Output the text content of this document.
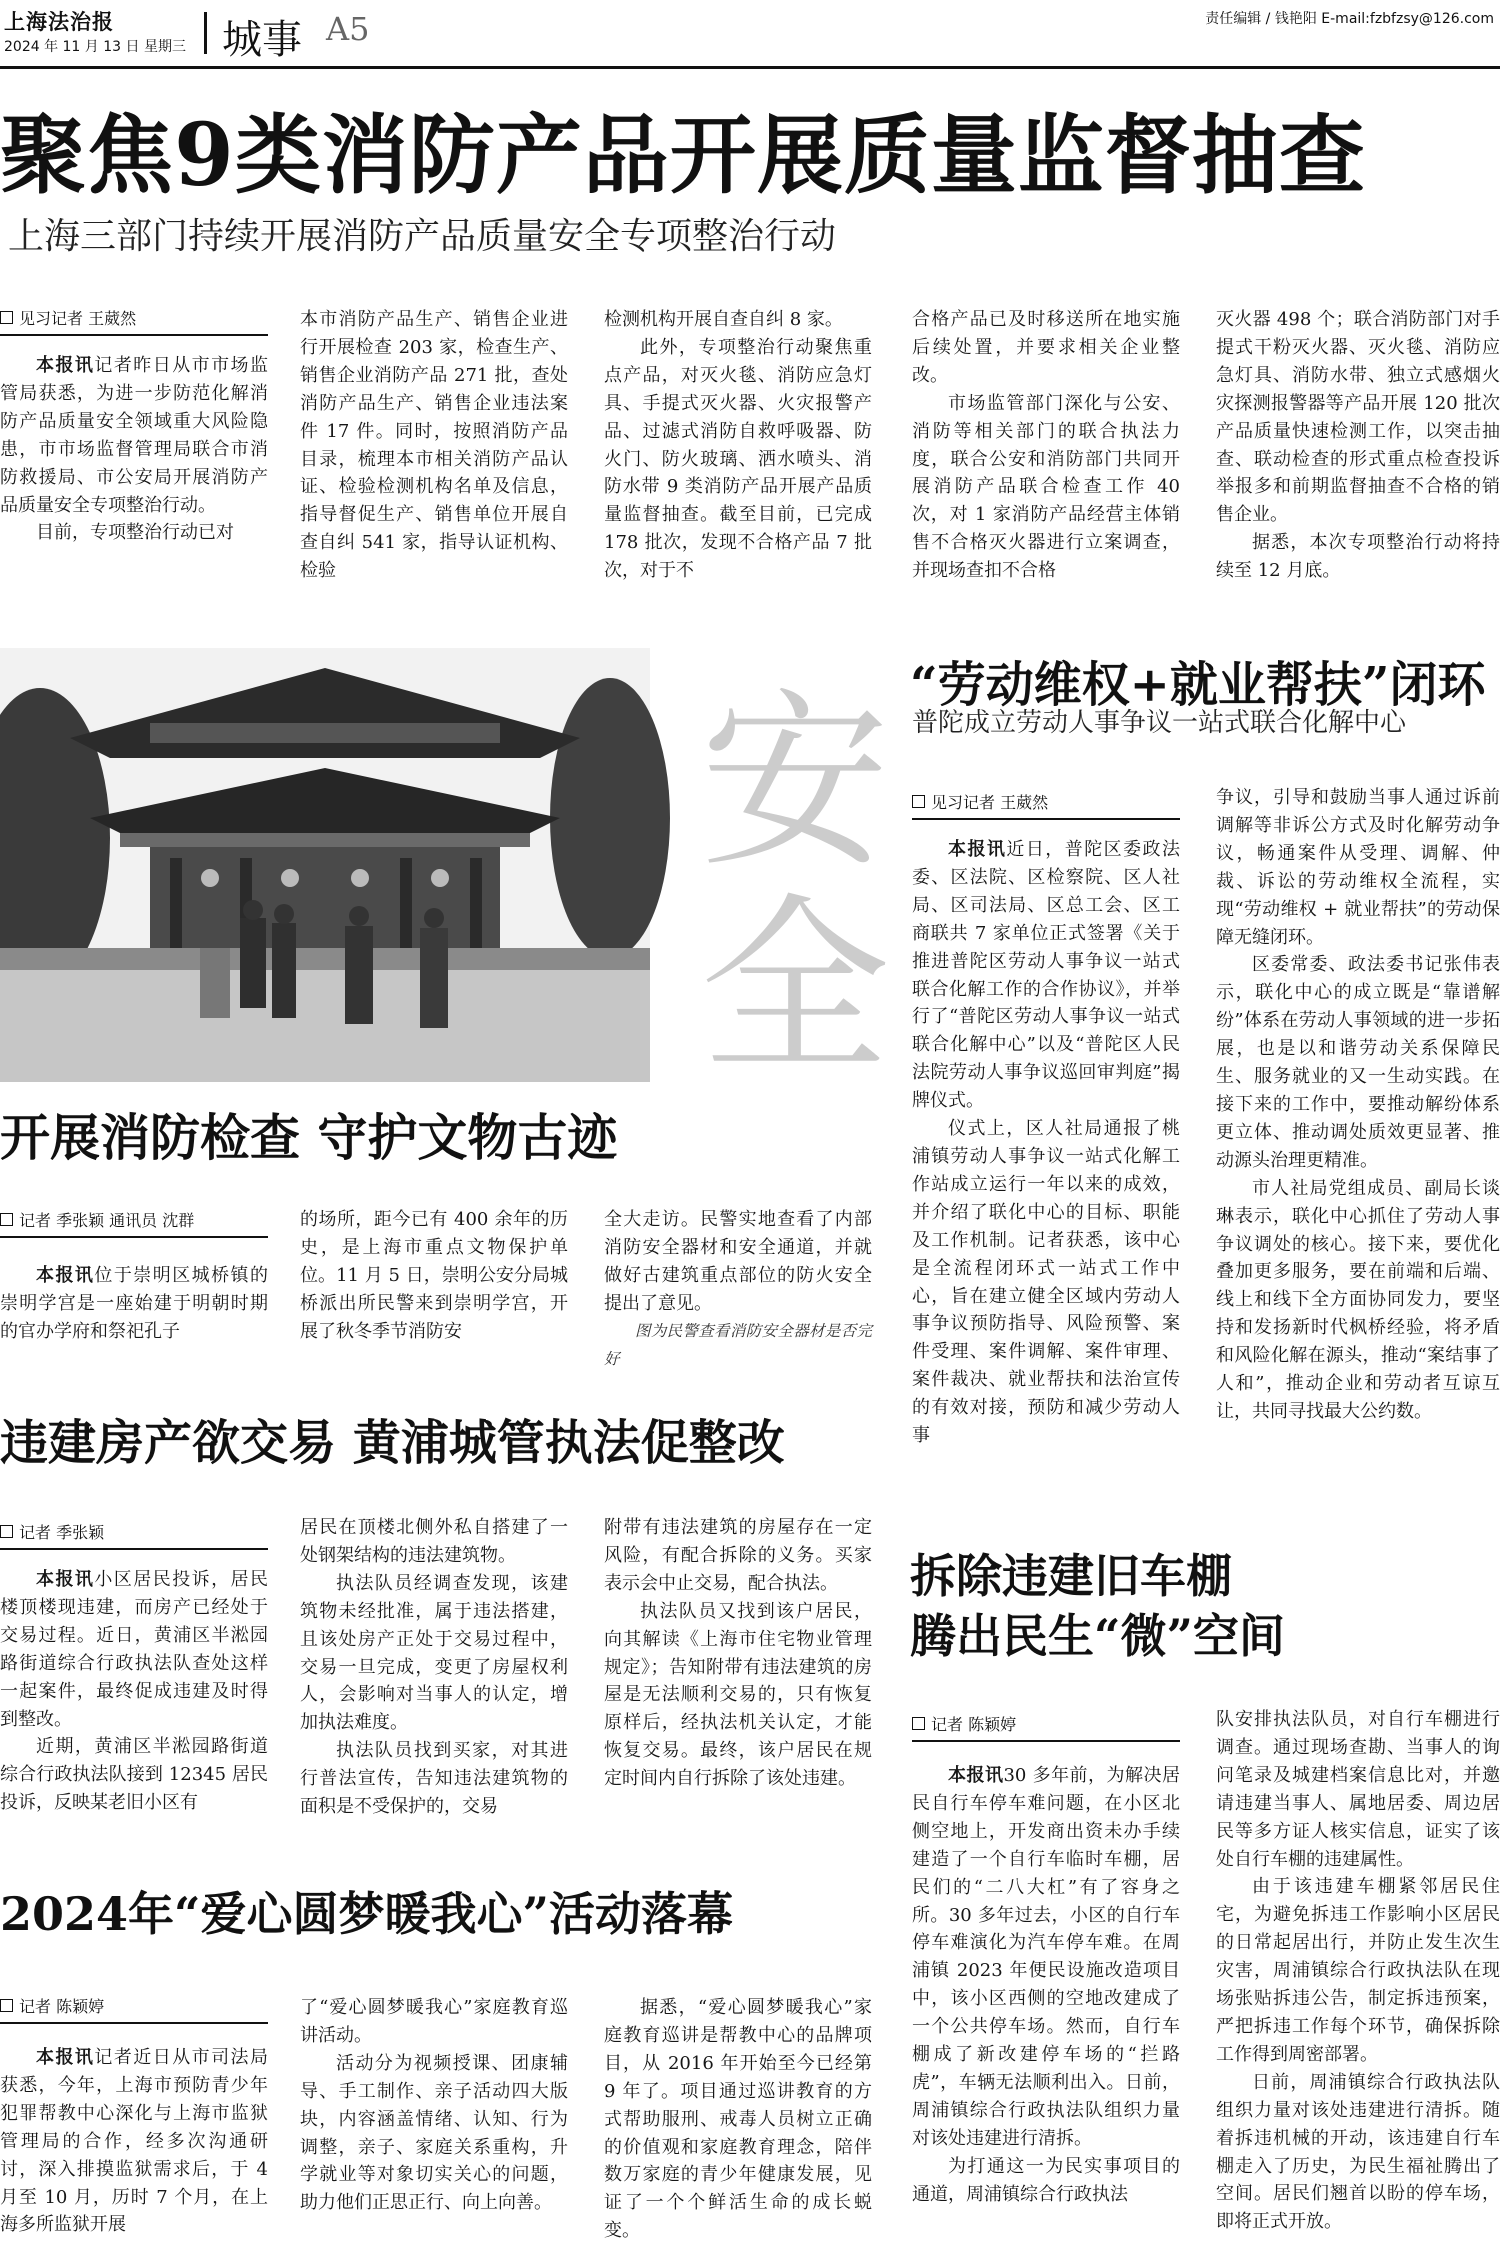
上海法治报
2024 年 11 月 13 日 星期三 城事 A5	责任编辑 / 钱艳阳 E-mail:fzbfzsy@126.com
聚焦9类消防产品开展质量监督抽查
上海三部门持续开展消防产品质量安全专项整治行动
见习记者 王葳然

本报讯记者昨日从市市场监管局获悉，为进一步防范化解消防产品质量安全领域重大风险隐患，市市场监督管理局联合市消防救援局、市公安局开展消防产品质量安全专项整治行动。

目前，专项整治行动已对

本市消防产品生产、销售企业进行开展检查 203 家，检查生产、销售企业消防产品 271 批，查处消防产品生产、销售企业违法案件 17 件。同时，按照消防产品目录，梳理本市相关消防产品认证、检验检测机构名单及信息，指导督促生产、销售单位开展自查自纠 541 家，指导认证机构、检验

检测机构开展自查自纠 8 家。

此外，专项整治行动聚焦重点产品，对灭火毯、消防应急灯具、手提式灭火器、火灾报警产品、过滤式消防自救呼吸器、防火门、防火玻璃、洒水喷头、消防水带 9 类消防产品开展产品质量监督抽查。截至目前，已完成 178 批次，发现不合格产品 7 批次，对于不

合格产品已及时移送所在地实施后续处置，并要求相关企业整改。

市场监管部门深化与公安、消防等相关部门的联合执法力度，联合公安和消防部门共同开展消防产品联合检查工作 40 次，对 1 家消防产品经营主体销售不合格灭火器进行立案调查，并现场查扣不合格

灭火器 498 个；联合消防部门对手提式干粉灭火器、灭火毯、消防应急灯具、消防水带、独立式感烟火灾探测报警器等产品开展 120 批次产品质量快速检测工作，以突击抽查、联动检查的形式重点检查投诉举报多和前期监督抽查不合格的销售企业。

据悉，本次专项整治行动将持续至 12 月底。

安全
开展消防检查 守护文物古迹
记者 季张颖 通讯员 沈群

本报讯位于崇明区城桥镇的崇明学宫是一座始建于明朝时期的官办学府和祭祀孔子

的场所，距今已有 400 余年的历史，是上海市重点文物保护单位。11 月 5 日，崇明公安分局城桥派出所民警来到崇明学宫，开展了秋冬季节消防安

全大走访。民警实地查看了内部消防安全器材和安全通道，并就做好古建筑重点部位的防火安全提出了意见。

图为民警查看消防安全器材是否完好

违建房产欲交易 黄浦城管执法促整改
记者 季张颖

本报讯小区居民投诉，居民楼顶楼现违建，而房产已经处于交易过程。近日，黄浦区半淞园路街道综合行政执法队查处这样一起案件，最终促成违建及时得到整改。

近期，黄浦区半淞园路街道综合行政执法队接到 12345 居民投诉，反映某老旧小区有

居民在顶楼北侧外私自搭建了一处钢架结构的违法建筑物。

执法队员经调查发现，该建筑物未经批准，属于违法搭建，且该处房产正处于交易过程中，交易一旦完成，变更了房屋权利人，会影响对当事人的认定，增加执法难度。

执法队员找到买家，对其进行普法宣传，告知违法建筑物的面积是不受保护的，交易

附带有违法建筑的房屋存在一定风险，有配合拆除的义务。买家表示会中止交易，配合执法。

执法队员又找到该户居民，向其解读《上海市住宅物业管理规定》；告知附带有违法建筑的房屋是无法顺利交易的，只有恢复原样后，经执法机关认定，才能恢复交易。最终，该户居民在规定时间内自行拆除了该处违建。

2024年“爱心圆梦暖我心”活动落幕
记者 陈颖婷

本报讯记者近日从市司法局获悉，今年，上海市预防青少年犯罪帮教中心深化与上海市监狱管理局的合作，经多次沟通研讨，深入排摸监狱需求后，于 4 月至 10 月，历时 7 个月，在上海多所监狱开展

了“爱心圆梦暖我心”家庭教育巡讲活动。

活动分为视频授课、团康辅导、手工制作、亲子活动四大版块，内容涵盖情绪、认知、行为调整，亲子、家庭关系重构，升学就业等对象切实关心的问题，助力他们正思正行、向上向善。

据悉，“爱心圆梦暖我心”家庭教育巡讲是帮教中心的品牌项目，从 2016 年开始至今已经第 9 年了。项目通过巡讲教育的方式帮助服刑、戒毒人员树立正确的价值观和家庭教育理念，陪伴数万家庭的青少年健康发展，见证了一个个鲜活生命的成长蜕变。

“劳动维权+就业帮扶”闭环
普陀成立劳动人事争议一站式联合化解中心
见习记者 王葳然

本报讯近日，普陀区委政法委、区法院、区检察院、区人社局、区司法局、区总工会、区工商联共 7 家单位正式签署《关于推进普陀区劳动人事争议一站式联合化解工作的合作协议》，并举行了“普陀区劳动人事争议一站式联合化解中心”以及“普陀区人民法院劳动人事争议巡回审判庭”揭牌仪式。

仪式上，区人社局通报了桃浦镇劳动人事争议一站式化解工作站成立运行一年以来的成效，并介绍了联化中心的目标、职能及工作机制。记者获悉，该中心是全流程闭环式一站式工作中心，旨在建立健全区域内劳动人事争议预防指导、风险预警、案件受理、案件调解、案件审理、案件裁决、就业帮扶和法治宣传的有效对接，预防和减少劳动人事

争议，引导和鼓励当事人通过诉前调解等非诉公方式及时化解劳动争议，畅通案件从受理、调解、仲裁、诉讼的劳动维权全流程，实现“劳动维权 + 就业帮扶”的劳动保障无缝闭环。

区委常委、政法委书记张伟表示，联化中心的成立既是“靠谱解纷”体系在劳动人事领域的进一步拓展，也是以和谐劳动关系保障民生、服务就业的又一生动实践。在接下来的工作中，要推动解纷体系更立体、推动调处质效更显著、推动源头治理更精准。

市人社局党组成员、副局长谈琳表示，联化中心抓住了劳动人事争议调处的核心。接下来，要优化叠加更多服务，要在前端和后端、线上和线下全方面协同发力，要坚持和发扬新时代枫桥经验，将矛盾和风险化解在源头，推动“案结事了人和”，推动企业和劳动者互谅互让，共同寻找最大公约数。

拆除违建旧车棚
腾出民生“微”空间
记者 陈颖婷

本报讯30 多年前，为解决居民自行车停车难问题，在小区北侧空地上，开发商出资未办手续建造了一个自行车临时车棚，居民们的“二八大杠”有了容身之所。30 多年过去，小区的自行车停车难演化为汽车停车难。在周浦镇 2023 年便民设施改造项目中，该小区西侧的空地改建成了一个公共停车场。然而，自行车棚成了新改建停车场的“拦路虎”，车辆无法顺利出入。日前，周浦镇综合行政执法队组织力量对该处违建进行清拆。

为打通这一为民实事项目的通道，周浦镇综合行政执法

队安排执法队员，对自行车棚进行调查。通过现场查勘、当事人的询问笔录及城建档案信息比对，并邀请违建当事人、属地居委、周边居民等多方证人核实信息，证实了该处自行车棚的违建属性。

由于该违建车棚紧邻居民住宅，为避免拆违工作影响小区居民的日常起居出行，并防止发生次生灾害，周浦镇综合行政执法队在现场张贴拆违公告，制定拆违预案，严把拆违工作每个环节，确保拆除工作得到周密部署。

日前，周浦镇综合行政执法队组织力量对该处违建进行清拆。随着拆违机械的开动，该违建自行车棚走入了历史，为民生福祉腾出了空间。居民们翘首以盼的停车场，即将正式开放。
